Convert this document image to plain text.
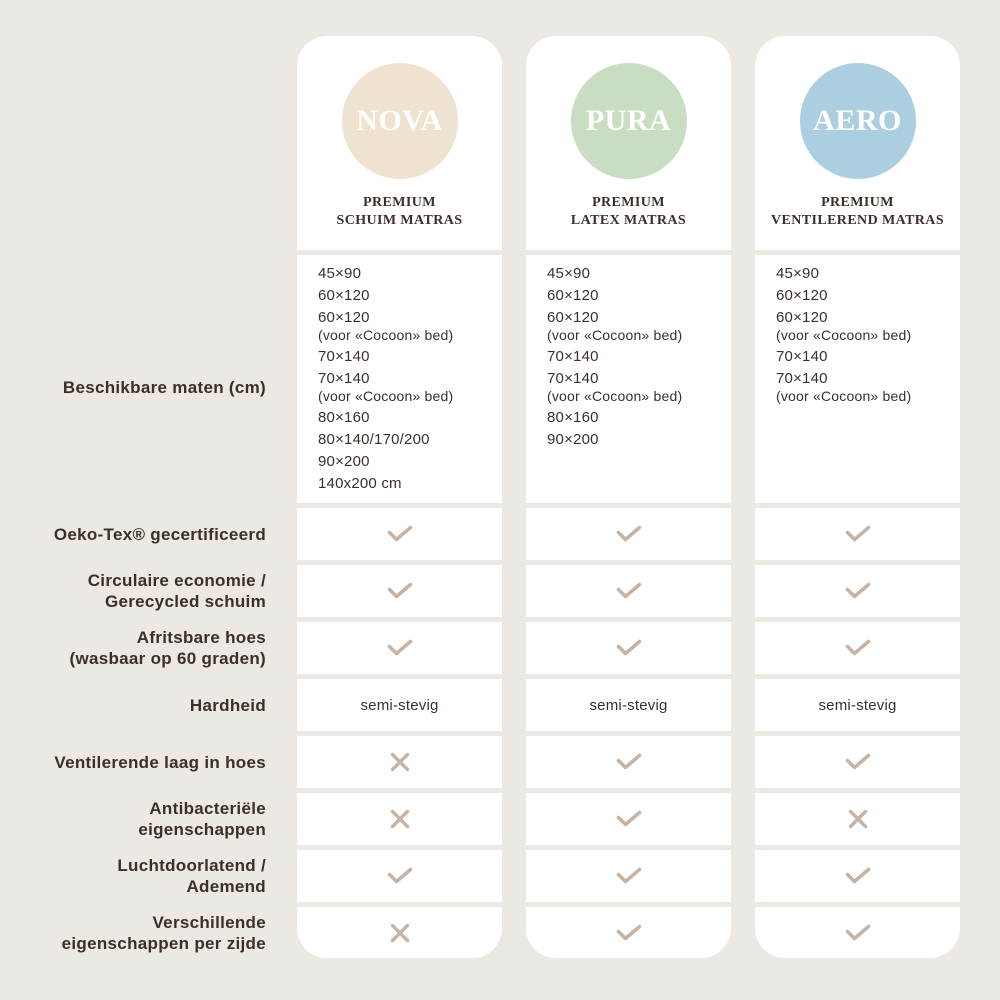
Beschikbare maten (cm)
Oeko-Tex® gecertificeerd
Circulaire economie /
Gerecycled schuim
Afritsbare hoes
(wasbaar op 60 graden)
Hardheid
Ventilerende laag in hoes
Antibacteriële
eigenschappen
Luchtdoorlatend /
Ademend
Verschillende
eigenschappen per zijde
NOVA
PREMIUM
SCHUIM MATRAS
45×90
60×120
60×120
(voor «Cocoon» bed)
70×140
70×140
(voor «Cocoon» bed)
80×160
80×140/170/200
90×200
140x200 cm
semi-stevig
PURA
PREMIUM
LATEX MATRAS
45×90
60×120
60×120
(voor «Cocoon» bed)
70×140
70×140
(voor «Cocoon» bed)
80×160
90×200
semi-stevig
AERO
PREMIUM
VENTILEREND MATRAS
45×90
60×120
60×120
(voor «Cocoon» bed)
70×140
70×140
(voor «Cocoon» bed)
semi-stevig
